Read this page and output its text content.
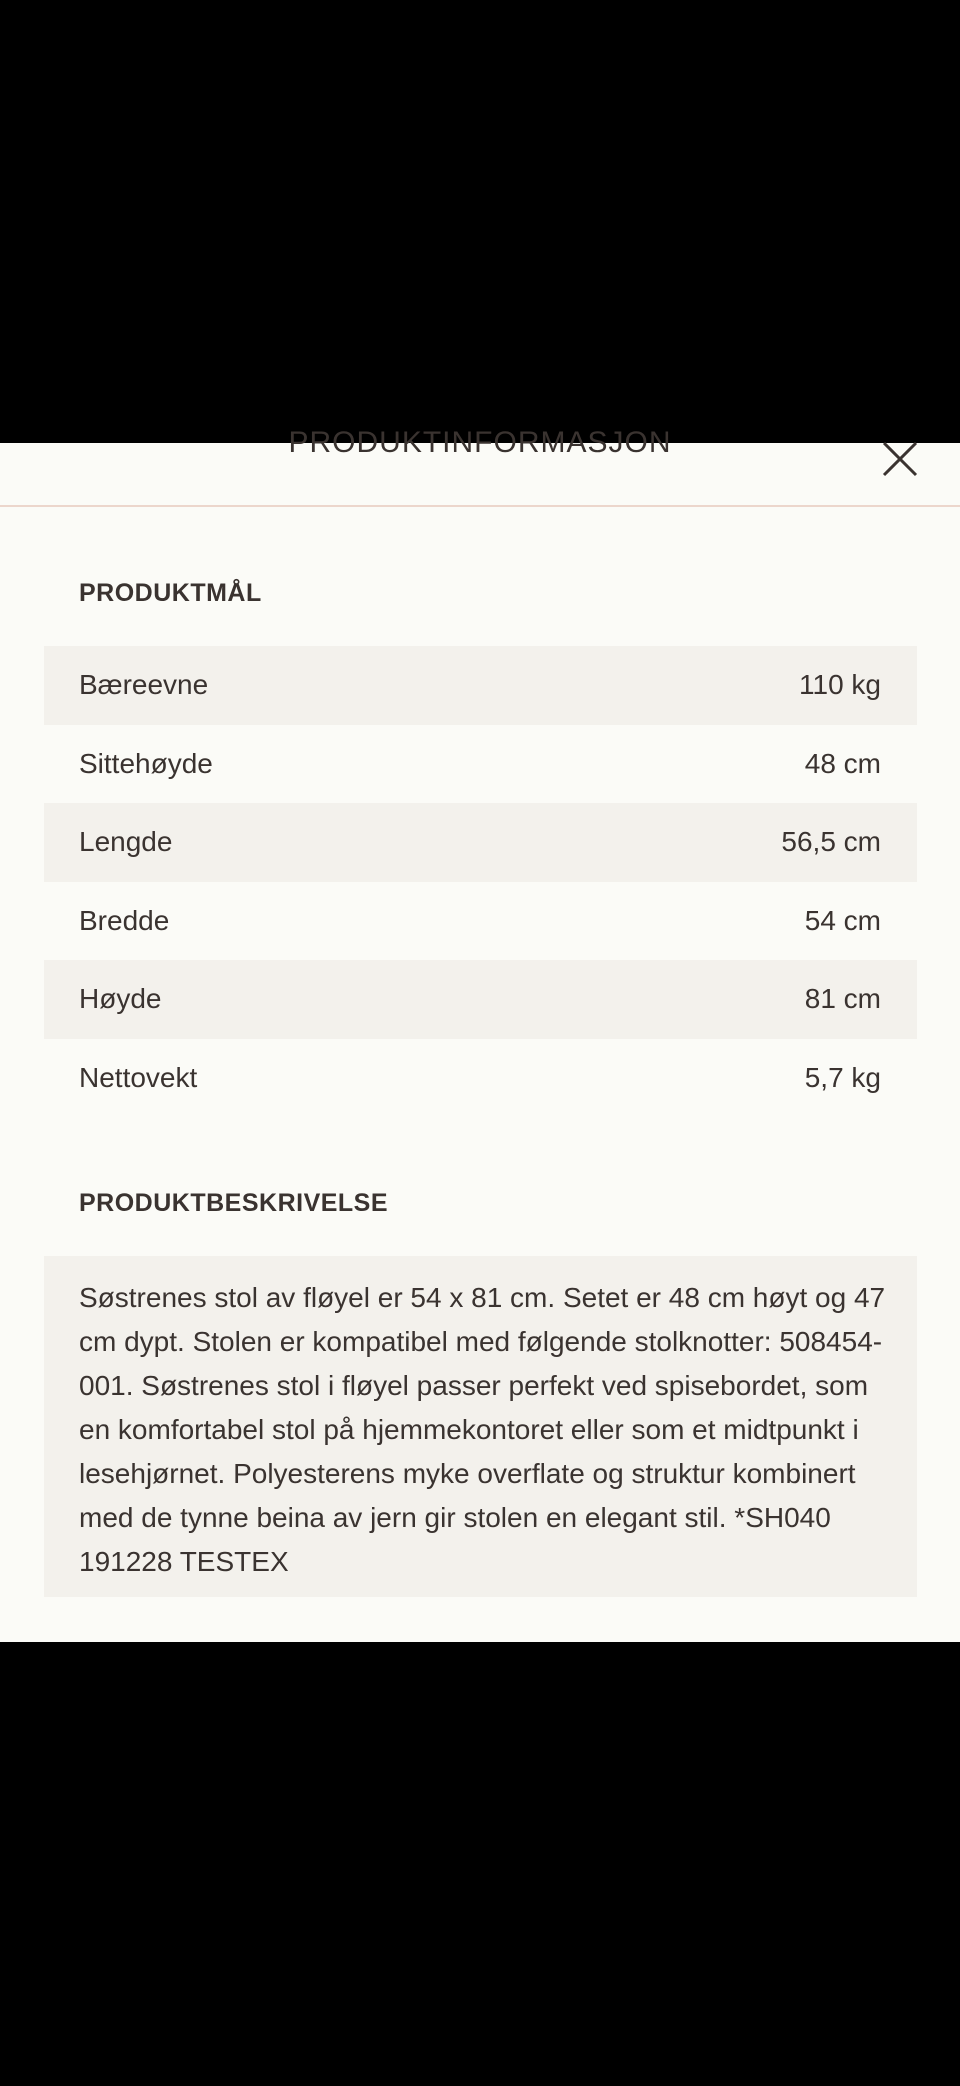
PRODUKTINFORMASJON
PRODUKTMÅL
Bæreevne	110 kg
Sittehøyde	48 cm
Lengde	56,5 cm
Bredde	54 cm
Høyde	81 cm
Nettovekt	5,7 kg
PRODUKTBESKRIVELSE

Søstrenes stol av fløyel er 54 x 81 cm. Setet er 48 cm høyt og 47 cm dypt. Stolen er kompatibel med følgende stolknotter: 508454-001. Søstrenes stol i fløyel passer perfekt ved spisebordet, som en komfortabel stol på hjemmekontoret eller som et midtpunkt i lesehjørnet. Polyesterens myke overflate og struktur kombinert med de tynne beina av jern gir stolen en elegant stil. *SH040 191228 TESTEX
